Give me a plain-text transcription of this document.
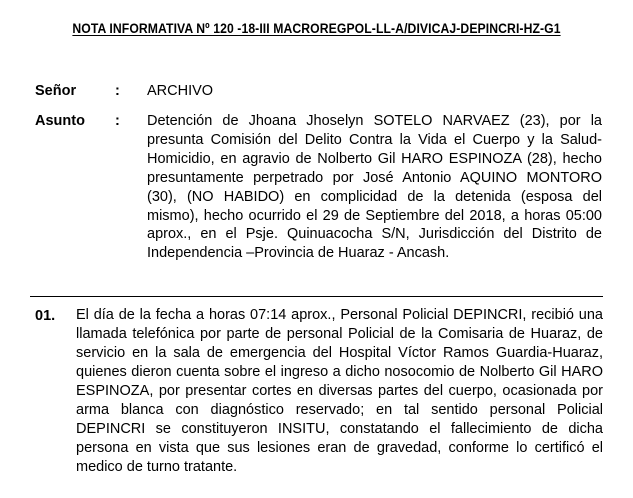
NOTA INFORMATIVA Nº 120 -18-III MACROREGPOL-LL-A/DIVICAJ-DEPINCRI-HZ-G1
Señor	: ARCHIVO
Asunto : Detención de Jhoana Jhoselyn SOTELO NARVAEZ (23), por la presunta Comisión del Delito Contra la Vida el Cuerpo y la Salud-Homicidio, en agravio de Nolberto Gil HARO ESPINOZA (28), hecho presuntamente perpetrado por José Antonio AQUINO MONTORO (30), (NO HABIDO) en complicidad de la detenida (esposa del mismo), hecho ocurrido el 29 de Septiembre del 2018, a horas 05:00 aprox., en el Psje. Quinuacocha S/N, Jurisdicción del Distrito de Independencia –Provincia de Huaraz - Ancash.
01. El día de la fecha a horas 07:14 aprox., Personal Policial DEPINCRI, recibió una llamada telefónica por parte de personal Policial de la Comisaria de Huaraz, de servicio en la sala de emergencia del Hospital Víctor Ramos Guardia-Huaraz, quienes dieron cuenta sobre el ingreso a dicho nosocomio de Nolberto Gil HARO ESPINOZA, por presentar cortes en diversas partes del cuerpo, ocasionada por arma blanca con diagnóstico reservado; en tal sentido personal Policial DEPINCRI se constituyeron INSITU, constatando el fallecimiento de dicha persona en vista que sus lesiones eran de gravedad, conforme lo certificó el medico de turno tratante.
